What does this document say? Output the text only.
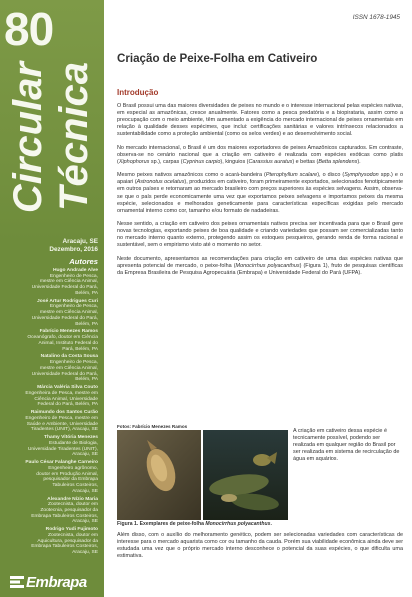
80
Circular Técnica
Aracaju, SE
Dezembro, 2016
Autores
Hugo Andrade Alve
Engenheiro de Pesca,
mestre em Ciência Animal,
Universidade Federal do Pará,
Belém, PA
José Artur Rodrigues Curi
Engenheiro de Pesca,
mestre em Ciência Animal,
Universidade Federal do Pará,
Belém, PA
Fabrício Menezes Ramos
Oceanógrafo, doutor em Ciência
Animal, Instituto Federal do
Pará, Belém, PA
Natalino da Costa Sousa
Engenheiro de Pesca,
mestre em Ciência Animal,
Universidade Federal do Pará,
Belém, PA
Márcia Valéria Silva Couto
Engenheira de Pesca, mestre em
Ciência Animal, Universidade
Federal do Pará, Belém, PA
Raimundo dos Santos Curão
Engenheiro de Pesca, mestre em
Saúde e Ambiente, Universidade
Tiradentes (UNIT), Aracaju, SE
Thamy Vitória Menezes
Estudante de Biologia,
Universidade Tiradentes (UNIT),
Aracaju, SE
Paulo César Falanghe Carneiro
Engenheiro agrônomo,
doutor em Produção Animal,
pesquisador da Embrapa
Tabuleiros Costeiros,
Aracaju, SE
Alexandre Nízio Maria
Zootecnista, doutor em
Zootecnia, pesquisador da
Embrapa Tabuleiros Costeiros,
Aracaju, SE
Rodrigo Yudi Fujimoto
Zootecnista, doutor em
Aquicultura, pesquisador da
Embrapa Tabuleiros Costeiros,
Aracaju, SE
Embrapa
ISSN 1678-1945
Criação de Peixe-Folha em Cativeiro
Introdução

O Brasil possui uma das maiores diversidades de peixes no mundo e o interesse internacional pelas espécies nativas, em especial as amazônicas, cresce anualmente. Fatores como a pesca predatória e a biopirataria, assim como a preocupação com o meio ambiente, têm aumentado a exigência do mercado internacional de peixes ornamentais em relação à qualidade desses espécimes, que inclui: certificações sanitárias e valores intrínsecos relacionados a sustentabilidade como a proteção ambiental (como os selos verdes) e ao desenvolvimento social.

No mercado internacional, o Brasil é um dos maiores exportadores de peixes Amazônicos capturados. Em contraste, observa-se no cenário nacional que a criação em cativeiro é realizada com espécies exóticas como platis (Xiphophorus sp.), carpas (Cyprinus carpio), kinguios (Carassius auratus) e bettas (Betta splendens).

Mesmo peixes nativos amazônicos como o acará-bandeira (Pterophyllum scalare), o disco (Symphysodon spp.) e o apaiari (Astronotus ocelatus), produzidos em cativeiro, foram primeiramente exportados, selecionados fenotipicamente em outros países e retornaram ao mercado brasileiro com preços superiores às espécies selvagens. Assim, observa-se que o país perde economicamente uma vez que exportamos peixes selvagens e importamos peixes da mesma espécie, selecionados e melhorados geneticamente para características específicas exigidas pelo mercado ornamental interno como cor, tamanho e/ou formato de nadadeiras.

Nesse sentido, a criação em cativeiro dos peixes ornamentais nativos precisa ser incentivada para que o Brasil gere novas tecnologias, exportando peixes de boa qualidade e criando variedades que possam ser comercializadas tanto no mercado interno quanto externo, protegendo assim os estoques pesqueiros, gerando renda de forma racional e sustentável, sem o empirismo visto até o momento no setor.

Neste documento, apresentamos as recomendações para criação em cativeiro de uma das espécies nativas que apresenta potencial de mercado, o peixe-folha (Monocirrhus polyacanthus) (Figura 1), fruto de pesquisas científicas da Empresa Brasileira de Pesquisa Agropecuária (Embrapa) e Universidade Federal do Pará (UFPA).

Fotos: Fabrício Menezes Ramos
Figura 1. Exemplares de peixe-folha Monocirrhus polyacanthus.
A criação em cativeiro dessa espécie é tecnicamente possível, podendo ser realizada em qualquer região do Brasil por ser realizada em sistema de recirculação de água em aquários.
Além disso, com o auxílio do melhoramento genético, podem ser selecionadas variedades com características de interesse para o mercado aquarista como cor ou tamanho da cauda. Porém sua viabilidade econômica ainda deve ser estudada uma vez que o próprio mercado interno desconhece o potencial da suas espécies, o que dificulta uma estimativa.
